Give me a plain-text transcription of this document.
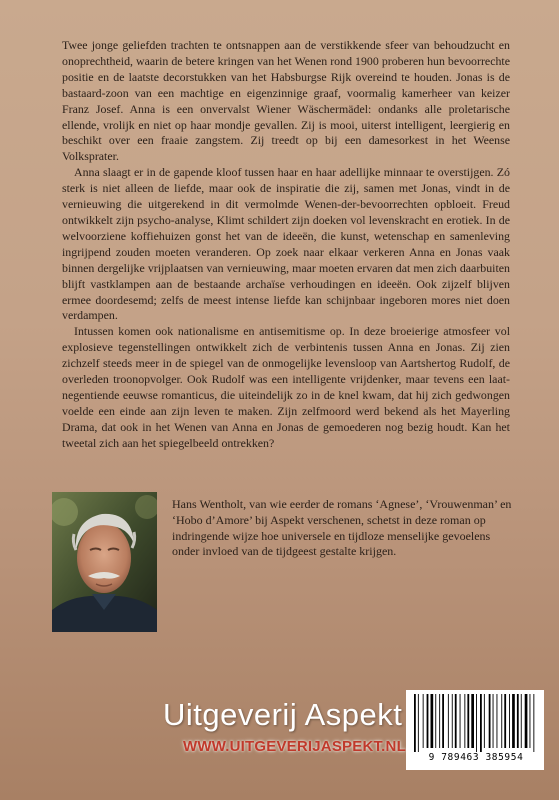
Twee jonge geliefden trachten te ontsnappen aan de verstikkende sfeer van behoudzucht en onoprechtheid, waarin de betere kringen van het Wenen rond 1900 proberen hun bevoorrechte positie en de laatste decorstukken van het Habsburgse Rijk overeind te houden. Jonas is de bastaard-zoon van een machtige en eigenzinnige graaf, voormalig kamerheer van keizer Franz Josef. Anna is een onvervalst Wiener Wäschermädel: ondanks alle proletarische ellende, vrolijk en niet op haar mondje gevallen. Zij is mooi, uiterst intelligent, leergierig en beschikt over een fraaie zangstem. Zij treedt op bij een damesorkest in het Weense Volksprater.

Anna slaagt er in de gapende kloof tussen haar en haar adellijke minnaar te overstijgen. Zó sterk is niet alleen de liefde, maar ook de inspiratie die zij, samen met Jonas, vindt in de vernieuwing die uitgerekend in dit vermolmde Wenen-der-bevoorrechten opbloeit. Freud ontwikkelt zijn psycho-analyse, Klimt schildert zijn doeken vol levenskracht en erotiek. In de welvoorziene koffiehuizen gonst het van de ideeën, die kunst, wetenschap en samenleving ingrijpend zouden moeten veranderen. Op zoek naar elkaar verkeren Anna en Jonas vaak binnen dergelijke vrijplaatsen van vernieuwing, maar moeten ervaren dat men zich daarbuiten blijft vastklampen aan de bestaande archaïse verhoudingen en ideeën. Ook zijzelf blijven ermee doordesemd; zelfs de meest intense liefde kan schijnbaar ingeboren mores niet doen verdampen.

Intussen komen ook nationalisme en antisemitisme op. In deze broeierige atmosfeer vol explosieve tegenstellingen ontwikkelt zich de verbintenis tussen Anna en Jonas. Zij zien zichzelf steeds meer in de spiegel van de onmogelijke levensloop van Aartshertog Rudolf, de overleden troonopvolger. Ook Rudolf was een intelligente vrijdenker, maar tevens een laat-negentiende eeuwse romanticus, die uiteindelijk zo in de knel kwam, dat hij zich gedwongen voelde een einde aan zijn leven te maken. Zijn zelfmoord werd bekend als het Mayerling Drama, dat ook in het Wenen van Anna en Jonas de gemoederen nog bezig houdt. Kan het tweetal zich aan het spiegelbeeld ontrekken?

Hans Wentholt, van wie eerder de romans ‘Agnese’, ‘Vrouwenman’ en ‘Hobo d’Amore’ bij Aspekt verschenen, schetst in deze roman op indringende wijze hoe universele en tijdloze menselijke gevoelens onder invloed van de tijdgeest gestalte krijgen.
Uitgeverij Aspekt
WWW.UITGEVERIJASPEKT.NL
9 789463 385954
